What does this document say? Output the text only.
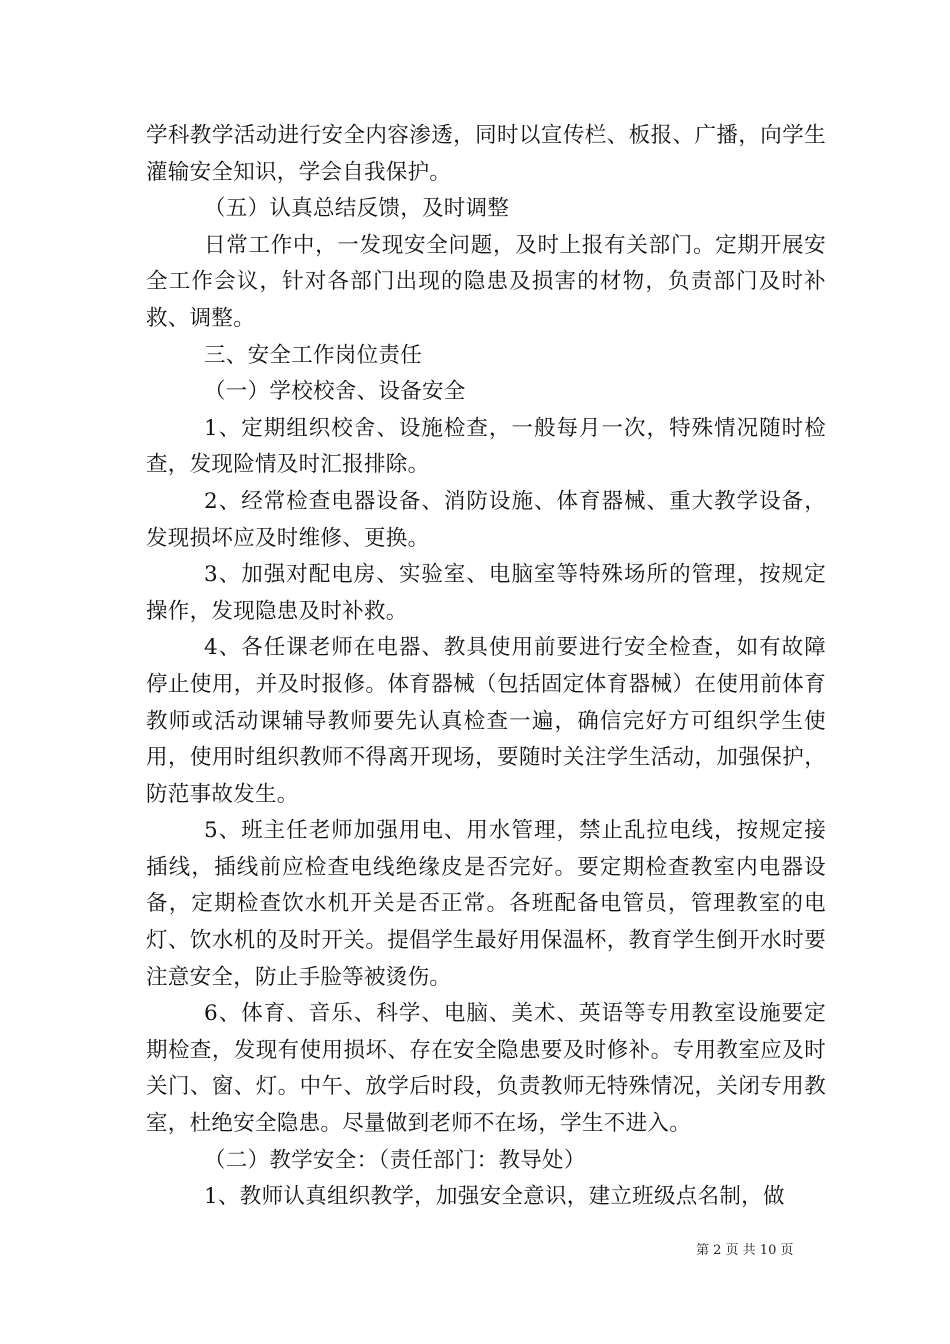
学科教学活动进行安全内容渗透，同时以宣传栏、板报、广播，向学生灌输安全知识，学会自我保护。

（五）认真总结反馈，及时调整

日常工作中，一发现安全问题，及时上报有关部门。定期开展安全工作会议，针对各部门出现的隐患及损害的材物，负责部门及时补救、调整。

三、安全工作岗位责任

（一）学校校舍、设备安全

1、定期组织校舍、设施检查，一般每月一次，特殊情况随时检查，发现险情及时汇报排除。

2、经常检查电器设备、消防设施、体育器械、重大教学设备，发现损坏应及时维修、更换。

3、加强对配电房、实验室、电脑室等特殊场所的管理，按规定操作，发现隐患及时补救。

4、各任课老师在电器、教具使用前要进行安全检查，如有故障停止使用，并及时报修。体育器械（包括固定体育器械）在使用前体育教师或活动课辅导教师要先认真检查一遍，确信完好方可组织学生使用，使用时组织教师不得离开现场，要随时关注学生活动，加强保护，防范事故发生。

5、班主任老师加强用电、用水管理，禁止乱拉电线，按规定接插线，插线前应检查电线绝缘皮是否完好。要定期检查教室内电器设备，定期检查饮水机开关是否正常。各班配备电管员，管理教室的电灯、饮水机的及时开关。提倡学生最好用保温杯，教育学生倒开水时要注意安全，防止手脸等被烫伤。

6、体育、音乐、科学、电脑、美术、英语等专用教室设施要定期检查，发现有使用损坏、存在安全隐患要及时修补。专用教室应及时关门、窗、灯。中午、放学后时段，负责教师无特殊情况，关闭专用教室，杜绝安全隐患。尽量做到老师不在场，学生不进入。

（二）教学安全：（责任部门：教导处）

1、教师认真组织教学，加强安全意识，建立班级点名制，做

第 2 页 共 10 页
